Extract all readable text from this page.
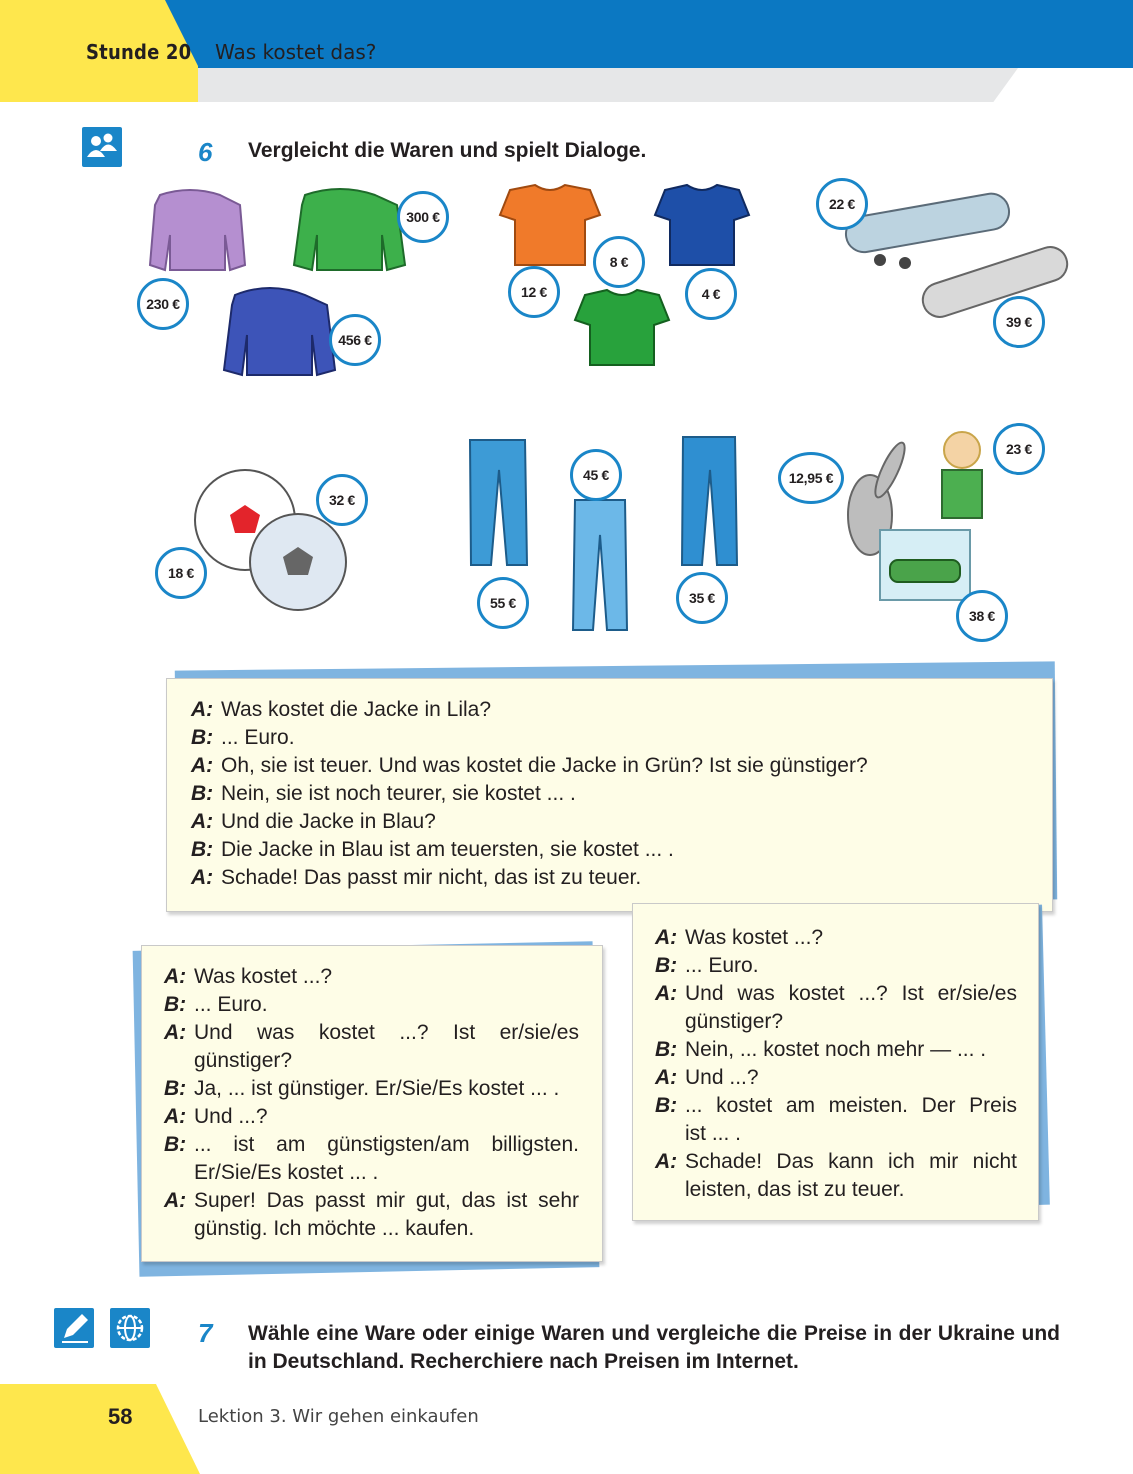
Stunde 20 Was kostet das?
6 Vergleicht die Waren und spielt Dialoge.
230 €
300 €
456 €
12 €
8 €
4 €
22 €
39 €
18 €
32 €
55 €
45 €
35 €
12,95 €
23 €
38 €
A: Was kostet die Jacke in Lila?
B: ... Euro.
A: Oh, sie ist teuer. Und was kostet die Jacke in Grün? Ist sie günstiger?
B: Nein, sie ist noch teurer, sie kostet ... .
A: Und die Jacke in Blau?
B: Die Jacke in Blau ist am teuersten, sie kostet ... .
A: Schade! Das passt mir nicht, das ist zu teuer.
A: Was kostet ...?
B: ... Euro.
A: Und was kostet ...? Ist er/sie/es
günstiger?
B: Ja, ... ist günstiger. Er/Sie/Es kostet ... .
A: Und ...?
B: ... ist am günstigsten/am billigsten.
Er/Sie/Es kostet ... .
A: Super! Das passt mir gut, das ist sehr
günstig. Ich möchte ... kaufen.
A: Was kostet ...?
B: ... Euro.
A: Und was kostet ...? Ist er/sie/es
günstiger?
B: Nein, ... kostet noch mehr — ... .
A: Und ...?
B: ... kostet am meisten. Der Preis
ist ... .
A: Schade! Das kann ich mir nicht
leisten, das ist zu teuer.
7 Wähle eine Ware oder einige Waren und vergleiche die Preise in der Ukraine und in Deutschland. Recherchiere nach Preisen im Internet.
58	Lektion 3. Wir gehen einkaufen
